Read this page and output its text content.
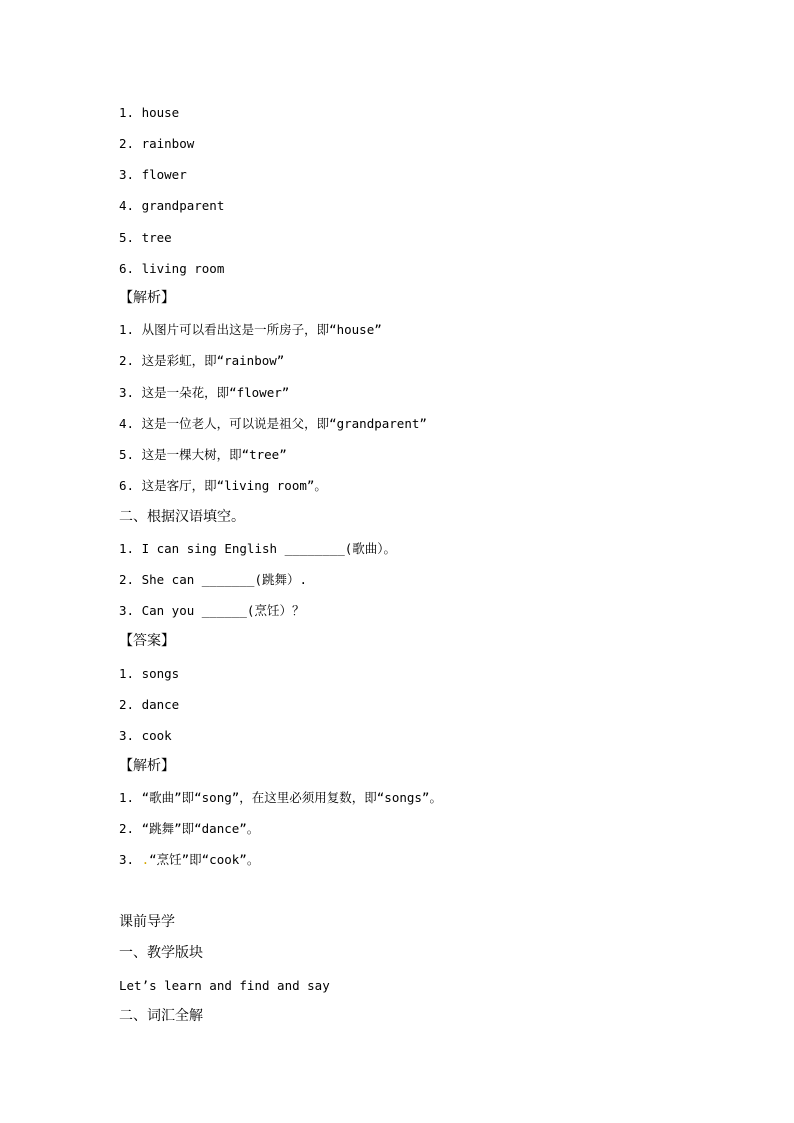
1. house
2. rainbow
3. flower
4. grandparent
5. tree
6. living room
【解析】
1. 从图片可以看出这是一所房子，即“house”
2. 这是彩虹，即“rainbow”
3. 这是一朵花，即“flower”
4. 这是一位老人，可以说是祖父，即“grandparent”
5. 这是一棵大树，即“tree”
6. 这是客厅，即“living room”。
二、根据汉语填空。
1. I can sing English ________(歌曲）。
2. She can _______(跳舞）.
3. Can you ______(烹饪）？
【答案】
1. songs
2. dance
3. cook
【解析】
1. “歌曲”即“song”，在这里必须用复数，即“songs”。
2. “跳舞”即“dance”。
3. .“烹饪”即“cook”。
课前导学
一、教学版块
Let’s learn and find and say
二、词汇全解
